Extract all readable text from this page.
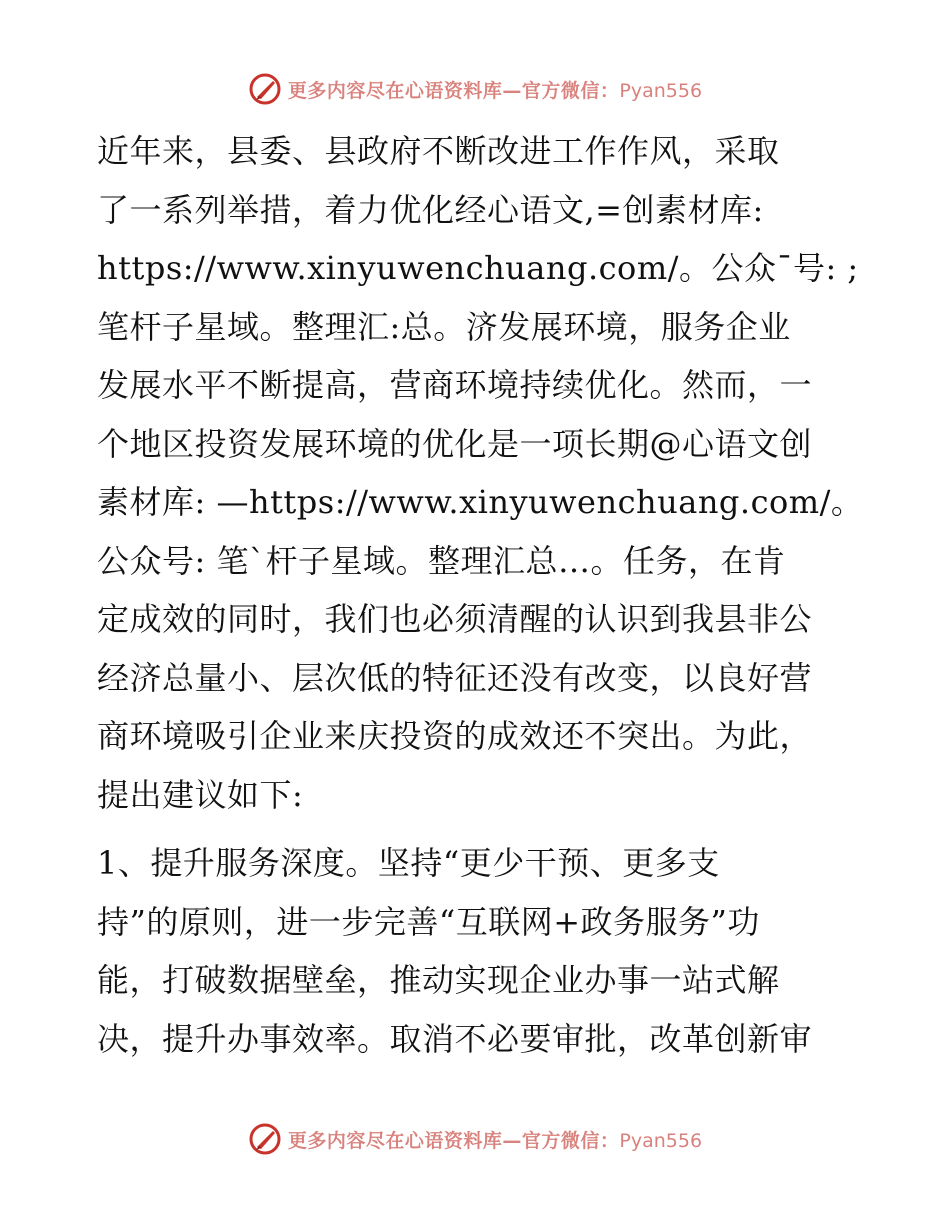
更多内容尽在心语资料库—官方微信：Pyan556

近年来，县委、县政府不断改进工作作风，采取
了一系列举措，着力优化经心语文,=创素材库:
https://www.xinyuwenchuang.com/。公众¯号: ;
笔杆子星域。整理汇:总。济发展环境，服务企业
发展水平不断提高，营商环境持续优化。然而，一
个地区投资发展环境的优化是一项长期@心语文创
素材库: —https://www.xinyuwenchuang.com/。
公众号: 笔`杆子星域。整理汇总…。任务，在肯
定成效的同时，我们也必须清醒的认识到我县非公
经济总量小、层次低的特征还没有改变，以良好营
商环境吸引企业来庆投资的成效还不突出。为此，
提出建议如下:

1、提升服务深度。坚持“更少干预、更多支
持”的原则，进一步完善“互联网+政务服务”功
能，打破数据壁垒，推动实现企业办事一站式解
决，提升办事效率。取消不必要审批，改革创新审

更多内容尽在心语资料库—官方微信：Pyan556
